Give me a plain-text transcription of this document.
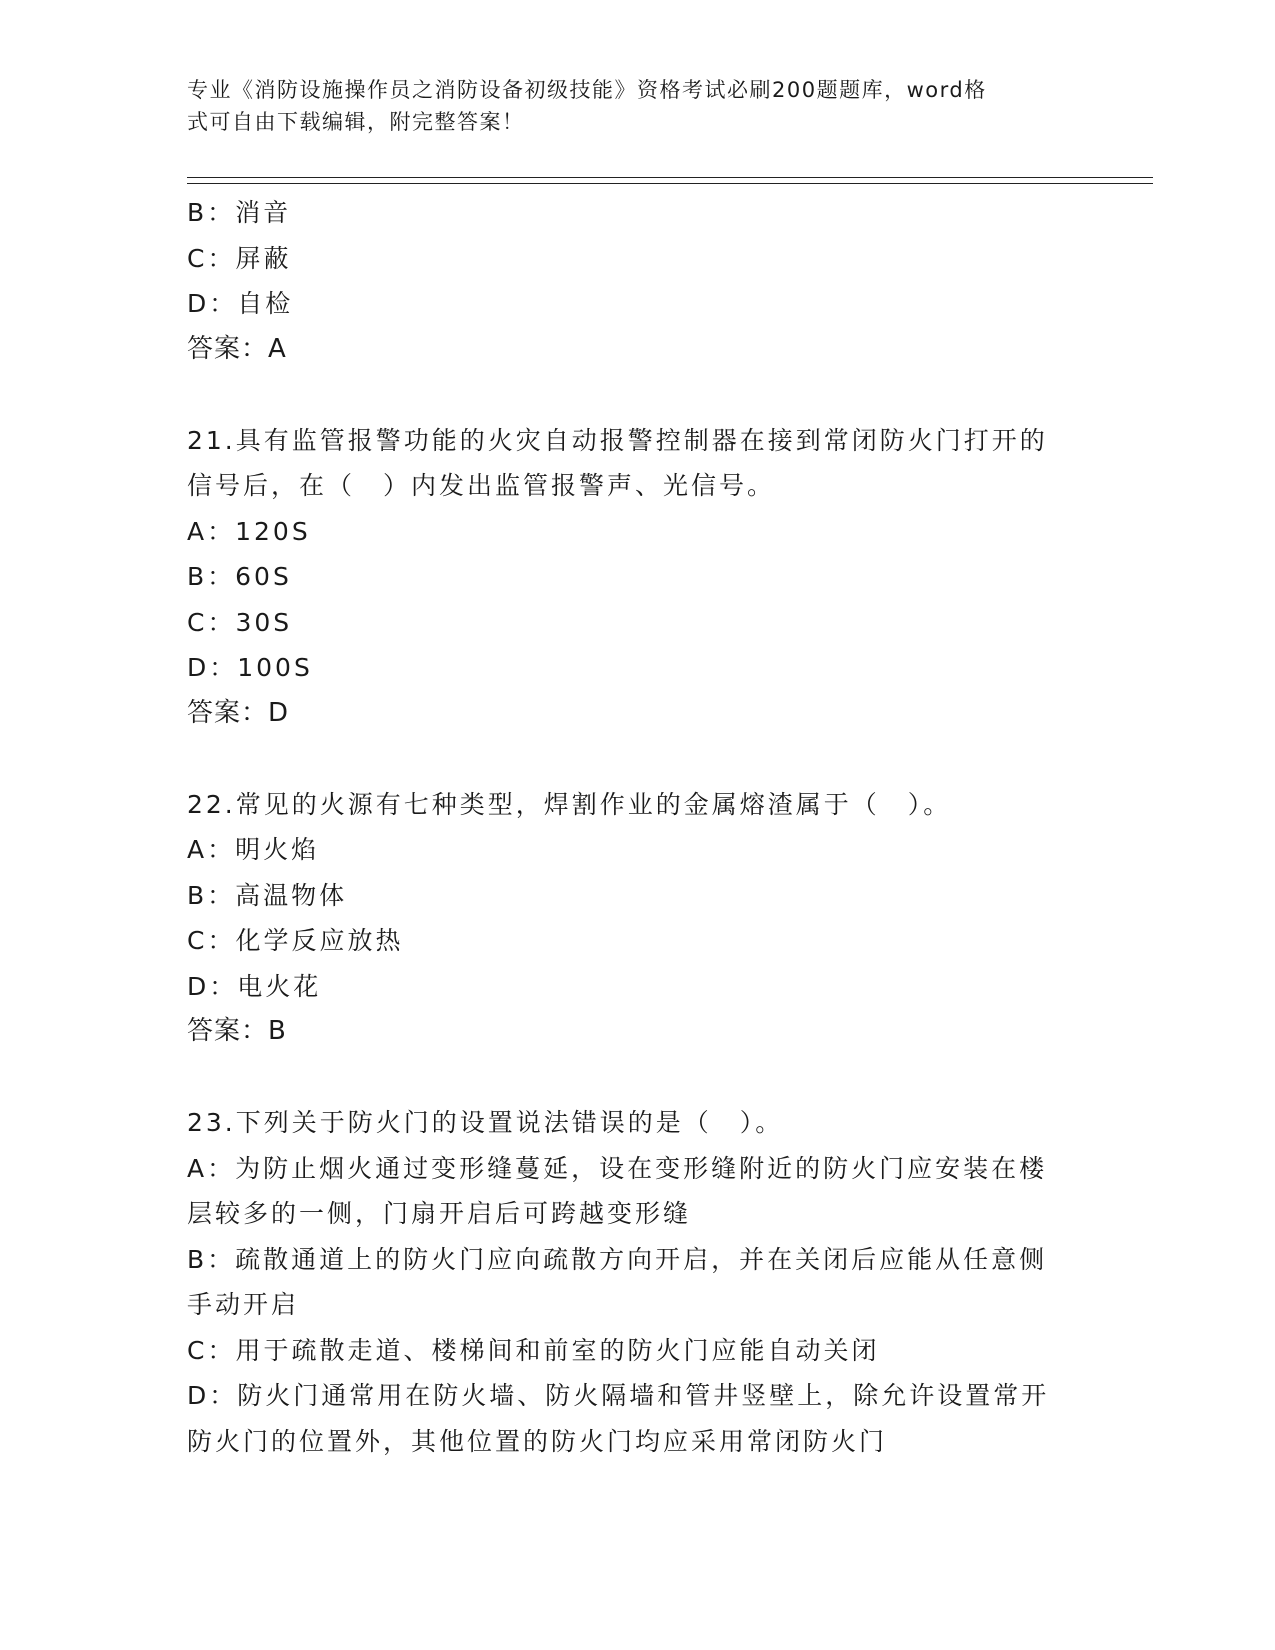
专业《消防设施操作员之消防设备初级技能》资格考试必刷200题题库，word格
式可自由下载编辑，附完整答案！
B：消音
C：屏蔽
D：自检
答案：A
21.具有监管报警功能的火灾自动报警控制器在接到常闭防火门打开的
信号后，在（　）内发出监管报警声、光信号。
A：120S
B：60S
C：30S
D：100S
答案：D
22.常见的火源有七种类型，焊割作业的金属熔渣属于（　）。
A：明火焰
B：高温物体
C：化学反应放热
D：电火花
答案：B
23.下列关于防火门的设置说法错误的是（　）。
A：为防止烟火通过变形缝蔓延，设在变形缝附近的防火门应安装在楼
层较多的一侧，门扇开启后可跨越变形缝
B：疏散通道上的防火门应向疏散方向开启，并在关闭后应能从任意侧
手动开启
C：用于疏散走道、楼梯间和前室的防火门应能自动关闭
D：防火门通常用在防火墙、防火隔墙和管井竖壁上，除允许设置常开
防火门的位置外，其他位置的防火门均应采用常闭防火门
